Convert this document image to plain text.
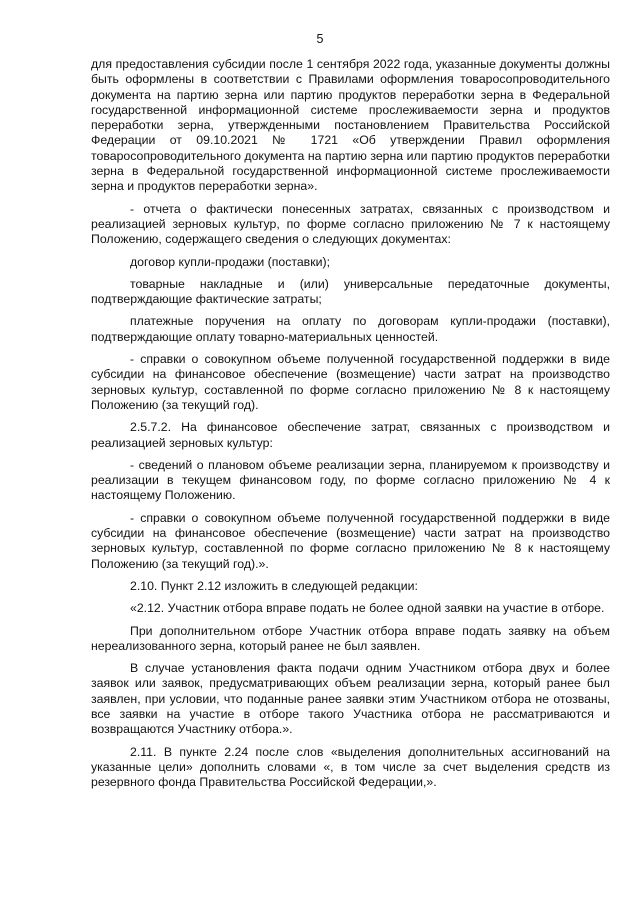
5

для предоставления субсидии после 1 сентября 2022 года, указанные документы должны быть оформлены в соответствии с Правилами оформления товаросопроводительного документа на партию зерна или партию продуктов переработки зерна в Федеральной государственной информационной системе прослеживаемости зерна и продуктов переработки зерна, утвержденными постановлением Правительства Российской Федерации от 09.10.2021 № 1721 «Об утверждении Правил оформления товаросопроводительного документа на партию зерна или партию продуктов переработки зерна в Федеральной государственной информационной системе прослеживаемости зерна и продуктов переработки зерна».

- отчета о фактически понесенных затратах, связанных с производством и реализацией зерновых культур, по форме согласно приложению № 7 к настоящему Положению, содержащего сведения о следующих документах:

договор купли-продажи (поставки);

товарные накладные и (или) универсальные передаточные документы, подтверждающие фактические затраты;

платежные поручения на оплату по договорам купли-продажи (поставки), подтверждающие оплату товарно-материальных ценностей.

- справки о совокупном объеме полученной государственной поддержки в виде субсидии на финансовое обеспечение (возмещение) части затрат на производство зерновых культур, составленной по форме согласно приложению № 8 к настоящему Положению (за текущий год).

2.5.7.2. На финансовое обеспечение затрат, связанных с производством и реализацией зерновых культур:

- сведений о плановом объеме реализации зерна, планируемом к производству и реализации в текущем финансовом году, по форме согласно приложению № 4 к настоящему Положению.

- справки о совокупном объеме полученной государственной поддержки в виде субсидии на финансовое обеспечение (возмещение) части затрат на производство зерновых культур, составленной по форме согласно приложению № 8 к настоящему Положению (за текущий год).».

2.10. Пункт 2.12 изложить в следующей редакции:

«2.12. Участник отбора вправе подать не более одной заявки на участие в отборе.

При дополнительном отборе Участник отбора вправе подать заявку на объем нереализованного зерна, который ранее не был заявлен.

В случае установления факта подачи одним Участником отбора двух и более заявок или заявок, предусматривающих объем реализации зерна, который ранее был заявлен, при условии, что поданные ранее заявки этим Участником отбора не отозваны, все заявки на участие в отборе такого Участника отбора не рассматриваются и возвращаются Участнику отбора.».

2.11. В пункте 2.24 после слов «выделения дополнительных ассигнований на указанные цели» дополнить словами «, в том числе за счет выделения средств из резервного фонда Правительства Российской Федерации,».
